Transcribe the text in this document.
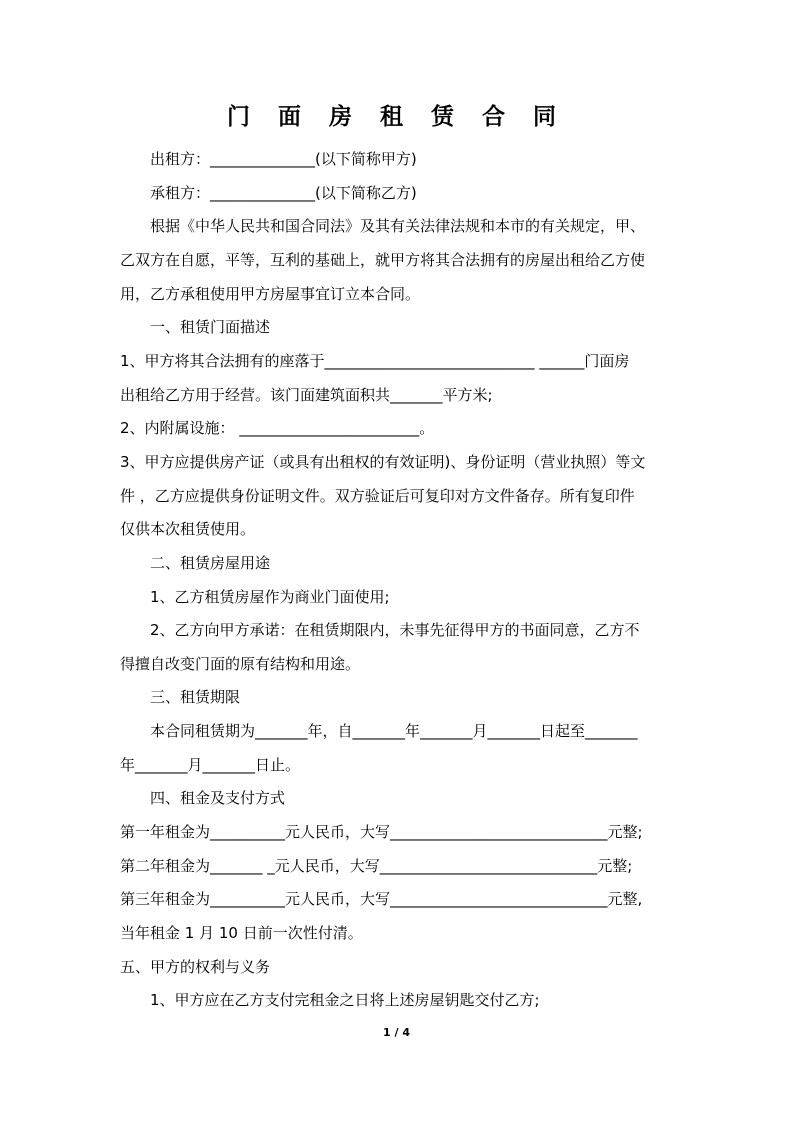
门 面 房 租 赁 合 同
出租方：______________(以下简称甲方)
承租方：______________(以下简称乙方)
根据《中华人民共和国合同法》及其有关法律法规和本市的有关规定，甲、
乙双方在自愿，平等，互利的基础上，就甲方将其合法拥有的房屋出租给乙方使
用，乙方承租使用甲方房屋事宜订立本合同。
一、租赁门面描述
1、甲方将其合法拥有的座落于____________________________ ______门面房
出租给乙方用于经营。该门面建筑面积共_______平方米;
2、内附属设施： ________________________。
3、甲方应提供房产证（或具有出租权的有效证明)、身份证明（营业执照）等文
件 ，乙方应提供身份证明文件。双方验证后可复印对方文件备存。所有复印件
仅供本次租赁使用。
二、租赁房屋用途
1、乙方租赁房屋作为商业门面使用;
2、乙方向甲方承诺：在租赁期限内，未事先征得甲方的书面同意，乙方不
得擅自改变门面的原有结构和用途。
三、租赁期限
本合同租赁期为_______年，自_______年_______月_______日起至_______
年_______月_______日止。
四、租金及支付方式
第一年租金为__________元人民币，大写_____________________________元整;
第二年租金为_______ _元人民币，大写_____________________________元整;
第三年租金为__________元人民币，大写_____________________________元整,
当年租金 1 月 10 日前一次性付清。
五、甲方的权利与义务
1、甲方应在乙方支付完租金之日将上述房屋钥匙交付乙方;
1 / 4
